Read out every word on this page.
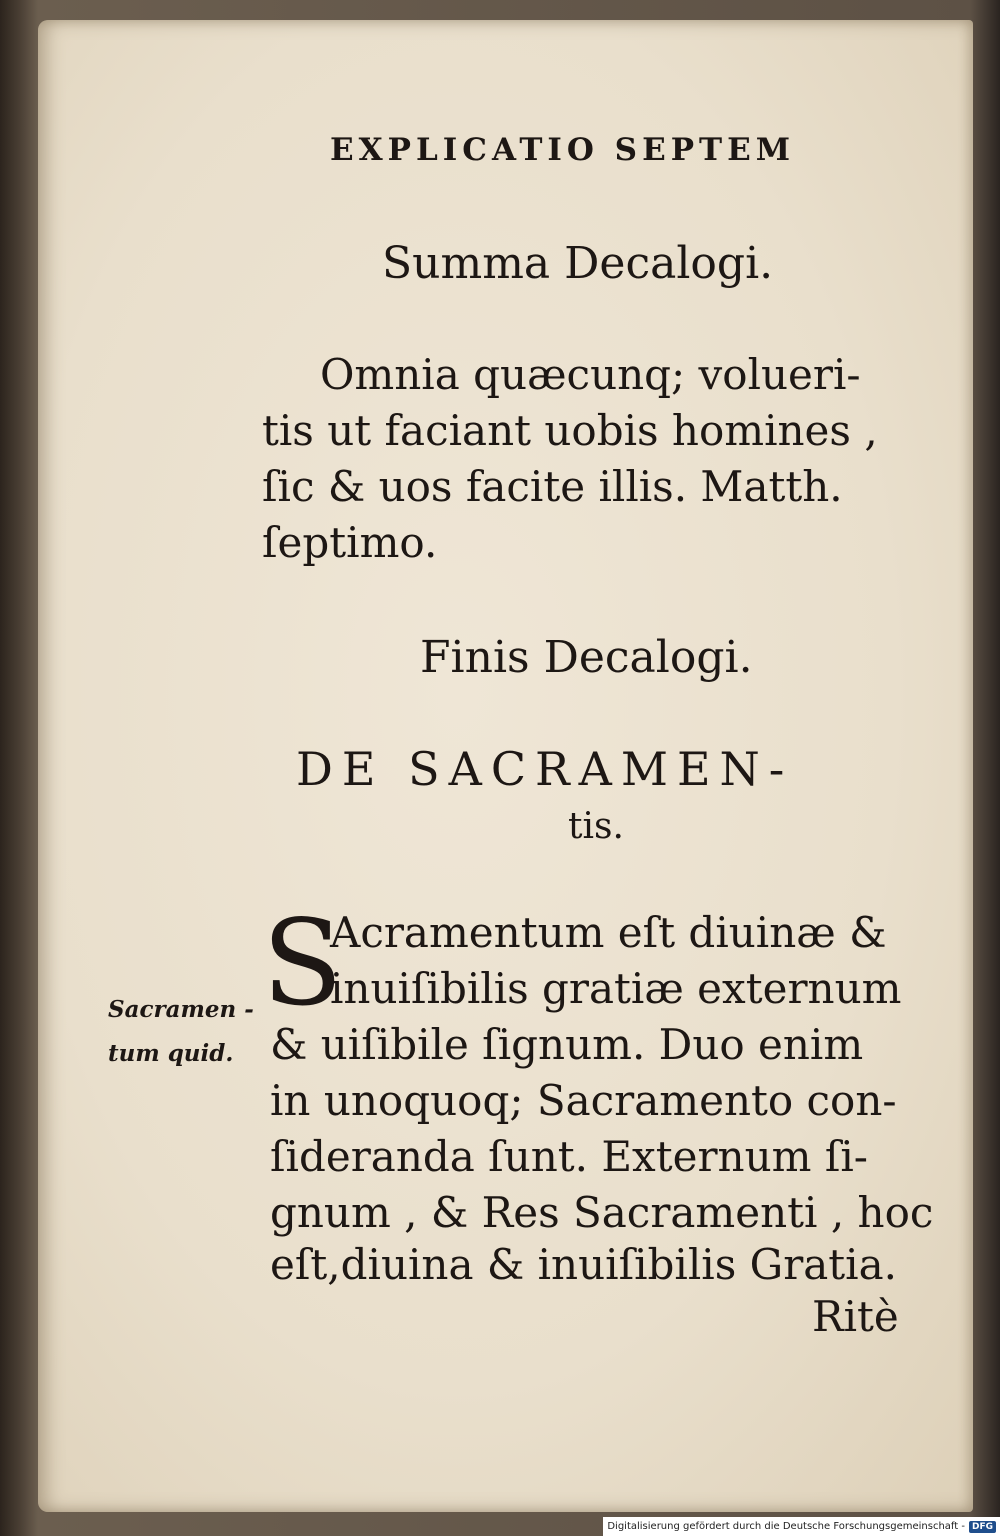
EXPLICATIO SEPTEM
Summa Decalogi.
Omnia quæcunq; volueri-
tis ut faciant uobis homines ,
ſic & uos facite illis. Matth.
ſeptimo.
Finis Decalogi.
DE SACRAMEN-
tis.
S
Acramentum eſt diuinæ &
inuiſibilis gratiæ externum
& uiſibile ſignum. Duo enim
in unoquoq; Sacramento con-
ſideranda ſunt. Externum ſi-
gnum , & Res Sacramenti , hoc
eſt,diuina & inuiſibilis Gratia.
Ritè
Sacramen -
tum quid.
Digitalisierung gefördert durch die Deutsche Forschungsgemeinschaft - DFG
